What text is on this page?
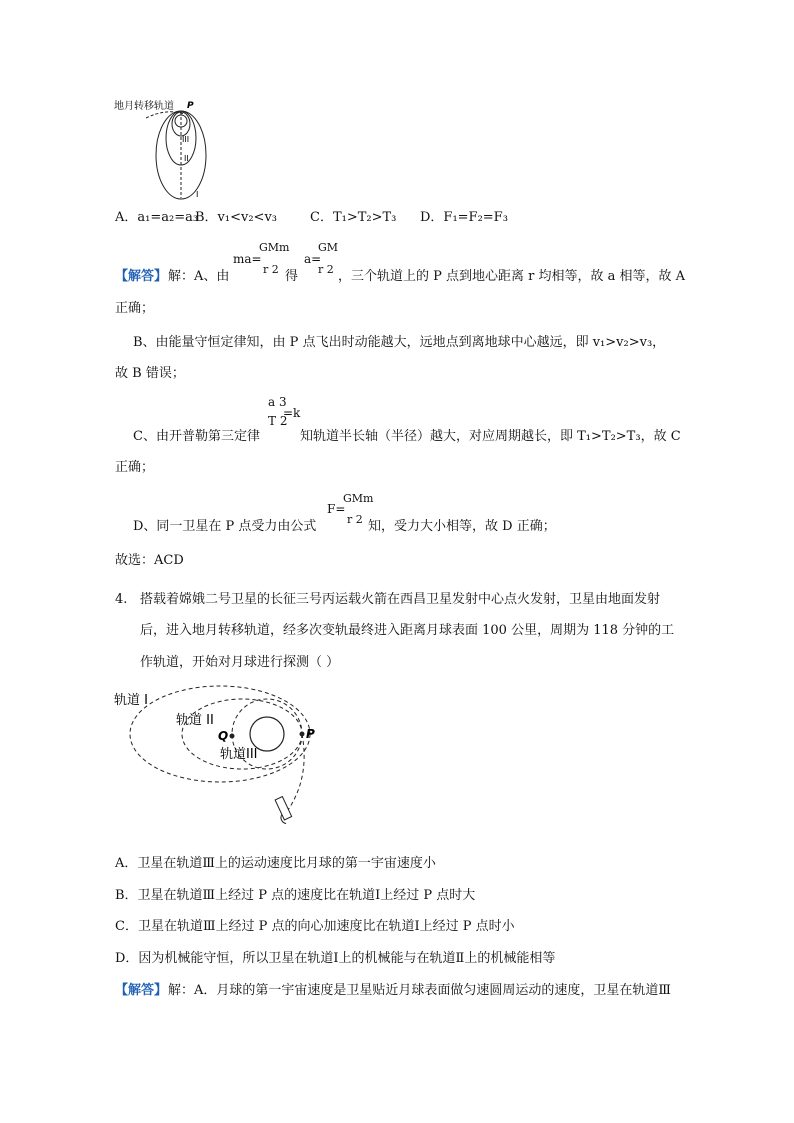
P
III
II
I
地月转移轨道
A．a₁=a₂=a₃
B．v₁<v₂<v₃	C．T₁>T₂>T₃ D．F₁=F₂=F₃
【解答】 解：A、由
ma=
GMm
r 2 得
a=
GM
r 2 ，三个轨道上的 P 点到地心距离 r 均相等，故 a 相等，故 A
正确；
B、由能量守恒定律知，由 P 点飞出时动能越大，远地点到离地球中心越远，即 v₁>v₂>v₃，
故 B 错误；
C、由开普勒第三定律
a 3
T 2
=k
知轨道半长轴（半径）越大，对应周期越长，即 T₁>T₂>T₃，故 C
正确；
D、同一卫星在 P 点受力由公式
F=
GMm
r 2 知，受力大小相等，故 D 正确；
故选：ACD
4. 搭载着嫦娥二号卫星的长征三号丙运载火箭在西昌卫星发射中心点火发射，卫星由地面发射
后，进入地月转移轨道，经多次变轨最终进入距离月球表面 100 公里，周期为 118 分钟的工
作轨道，开始对月球进行探测（ ）
轨道 I
轨道 II
轨道III
Q	P
A．卫星在轨道Ⅲ上的运动速度比月球的第一宇宙速度小
B．卫星在轨道Ⅲ上经过 P 点的速度比在轨道Ⅰ上经过 P 点时大
C．卫星在轨道Ⅲ上经过 P 点的向心加速度比在轨道Ⅰ上经过 P 点时小
D．因为机械能守恒，所以卫星在轨道Ⅰ上的机械能与在轨道Ⅱ上的机械能相等
【解答】 解：A．月球的第一宇宙速度是卫星贴近月球表面做匀速圆周运动的速度，卫星在轨道Ⅲ
